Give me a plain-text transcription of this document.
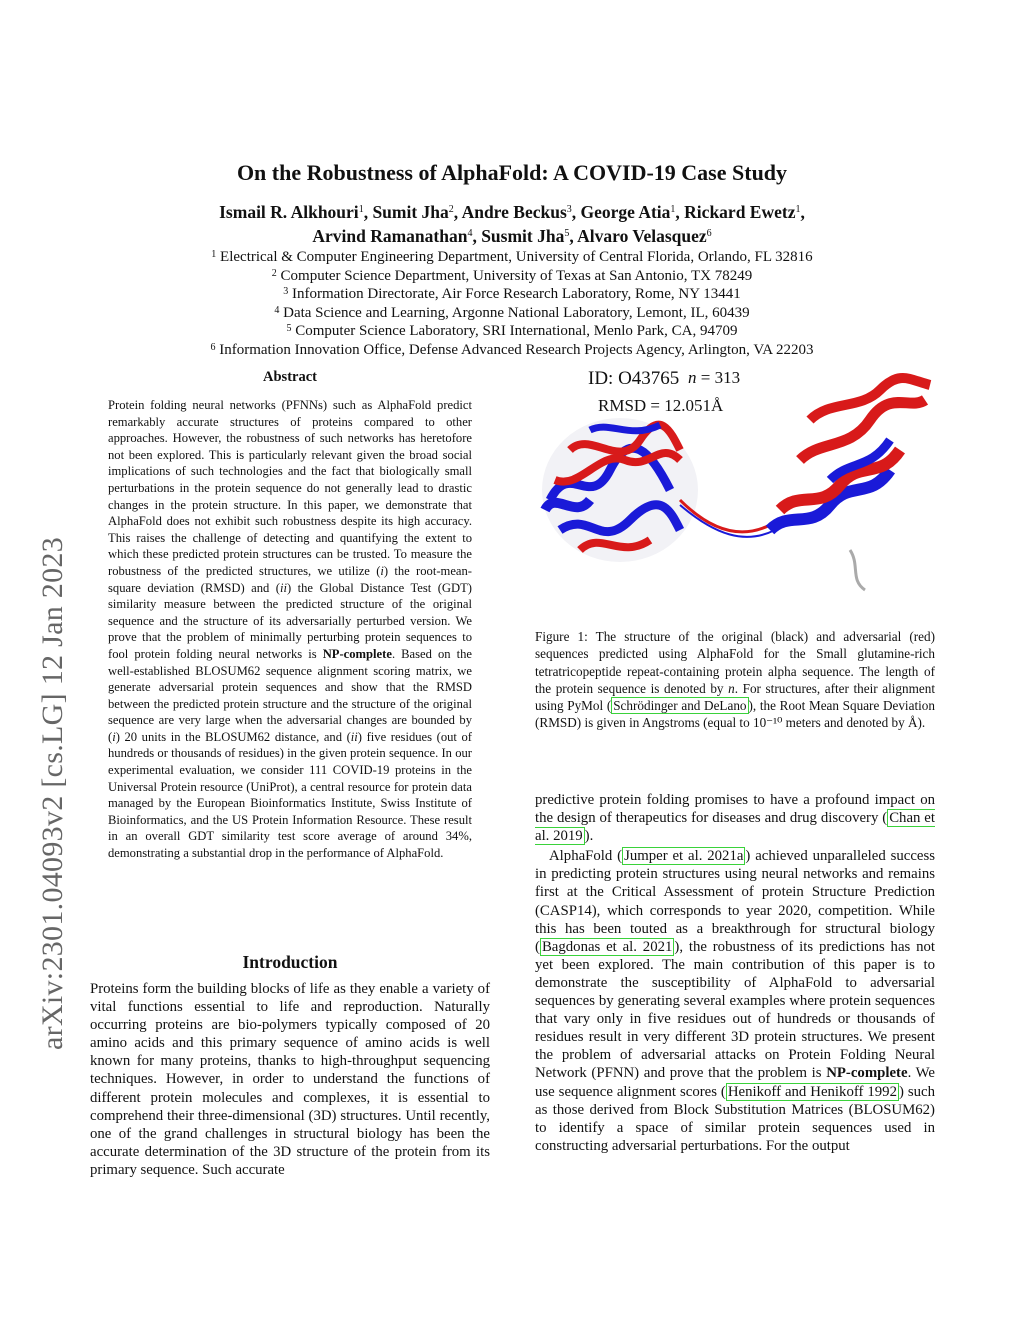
arXiv:2301.04093v2 [cs.LG] 12 Jan 2023
On the Robustness of AlphaFold: A COVID-19 Case Study
Ismail R. Alkhouri$^1$, Sumit Jha$^2$, Andre Beckus$^3$, George Atia$^1$, Rickard Ewetz$^1$,
Arvind Ramanathan$^4$, Susmit Jha$^5$, Alvaro Velasquez$^6$
$^1$ Electrical & Computer Engineering Department, University of Central Florida, Orlando, FL 32816
$^2$ Computer Science Department, University of Texas at San Antonio, TX 78249
$^3$ Information Directorate, Air Force Research Laboratory, Rome, NY 13441
$^4$ Data Science and Learning, Argonne National Laboratory, Lemont, IL, 60439
$^5$ Computer Science Laboratory, SRI International, Menlo Park, CA, 94709
$^6$ Information Innovation Office, Defense Advanced Research Projects Agency, Arlington, VA 22203
Abstract
Protein folding neural networks (PFNNs) such as AlphaFold predict remarkably accurate structures of proteins compared to other approaches. However, the robustness of such networks has heretofore not been explored. This is particularly relevant given the broad social implications of such technologies and the fact that biologically small perturbations in the protein sequence do not generally lead to drastic changes in the protein structure. In this paper, we demonstrate that AlphaFold does not exhibit such robustness despite its high accuracy. This raises the challenge of detecting and quantifying the extent to which these predicted protein structures can be trusted. To measure the robustness of the predicted structures, we utilize (i) the root-mean-square deviation (RMSD) and (ii) the Global Distance Test (GDT) similarity measure between the predicted structure of the original sequence and the structure of its adversarially perturbed version. We prove that the problem of minimally perturbing protein sequences to fool protein folding neural networks is NP-complete. Based on the well-established BLOSUM62 sequence alignment scoring matrix, we generate adversarial protein sequences and show that the RMSD between the predicted protein structure and the structure of the original sequence are very large when the adversarial changes are bounded by (i) 20 units in the BLOSUM62 distance, and (ii) five residues (out of hundreds or thousands of residues) in the given protein sequence. In our experimental evaluation, we consider 111 COVID-19 proteins in the Universal Protein resource (UniProt), a central resource for protein data managed by the European Bioinformatics Institute, Swiss Institute of Bioinformatics, and the US Protein Information Resource. These result in an overall GDT similarity test score average of around 34%, demonstrating a substantial drop in the performance of AlphaFold.
Introduction
Proteins form the building blocks of life as they enable a variety of vital functions essential to life and reproduction. Naturally occurring proteins are bio-polymers typically composed of 20 amino acids and this primary sequence of amino acids is well known for many proteins, thanks to high-throughput sequencing techniques. However, in order to understand the functions of different protein molecules and complexes, it is essential to comprehend their three-dimensional (3D) structures. Until recently, one of the grand challenges in structural biology has been the accurate determination of the 3D structure of the protein from its primary sequence. Such accurate
ID: O43765 n = 313
RMSD = 12.051Å
Figure 1: The structure of the original (black) and adversarial (red) sequences predicted using AlphaFold for the Small glutamine-rich tetratricopeptide repeat-containing protein alpha sequence. The length of the protein sequence is denoted by n. For structures, after their alignment using PyMol ( Schrödinger and DeLano ), the Root Mean Square Deviation (RMSD) is given in Angstroms (equal to 10⁻¹⁰ meters and denoted by Å).

predictive protein folding promises to have a profound impact on the design of therapeutics for diseases and drug discovery ( Chan et al. 2019 ).

AlphaFold ( Jumper et al. 2021a ) achieved unparalleled success in predicting protein structures using neural networks and remains first at the Critical Assessment of protein Structure Prediction (CASP14), which corresponds to year 2020, competition. While this has been touted as a breakthrough for structural biology ( Bagdonas et al. 2021 ), the robustness of its predictions has not yet been explored. The main contribution of this paper is to demonstrate the susceptibility of AlphaFold to adversarial sequences by generating several examples where protein sequences that vary only in five residues out of hundreds or thousands of residues result in very different 3D protein structures. We present the problem of adversarial attacks on Protein Folding Neural Network (PFNN) and prove that the problem is NP-complete. We use sequence alignment scores ( Henikoff and Henikoff 1992 ) such as those derived from Block Substitution Matrices (BLOSUM62) to identify a space of similar protein sequences used in constructing adversarial perturbations. For the output
